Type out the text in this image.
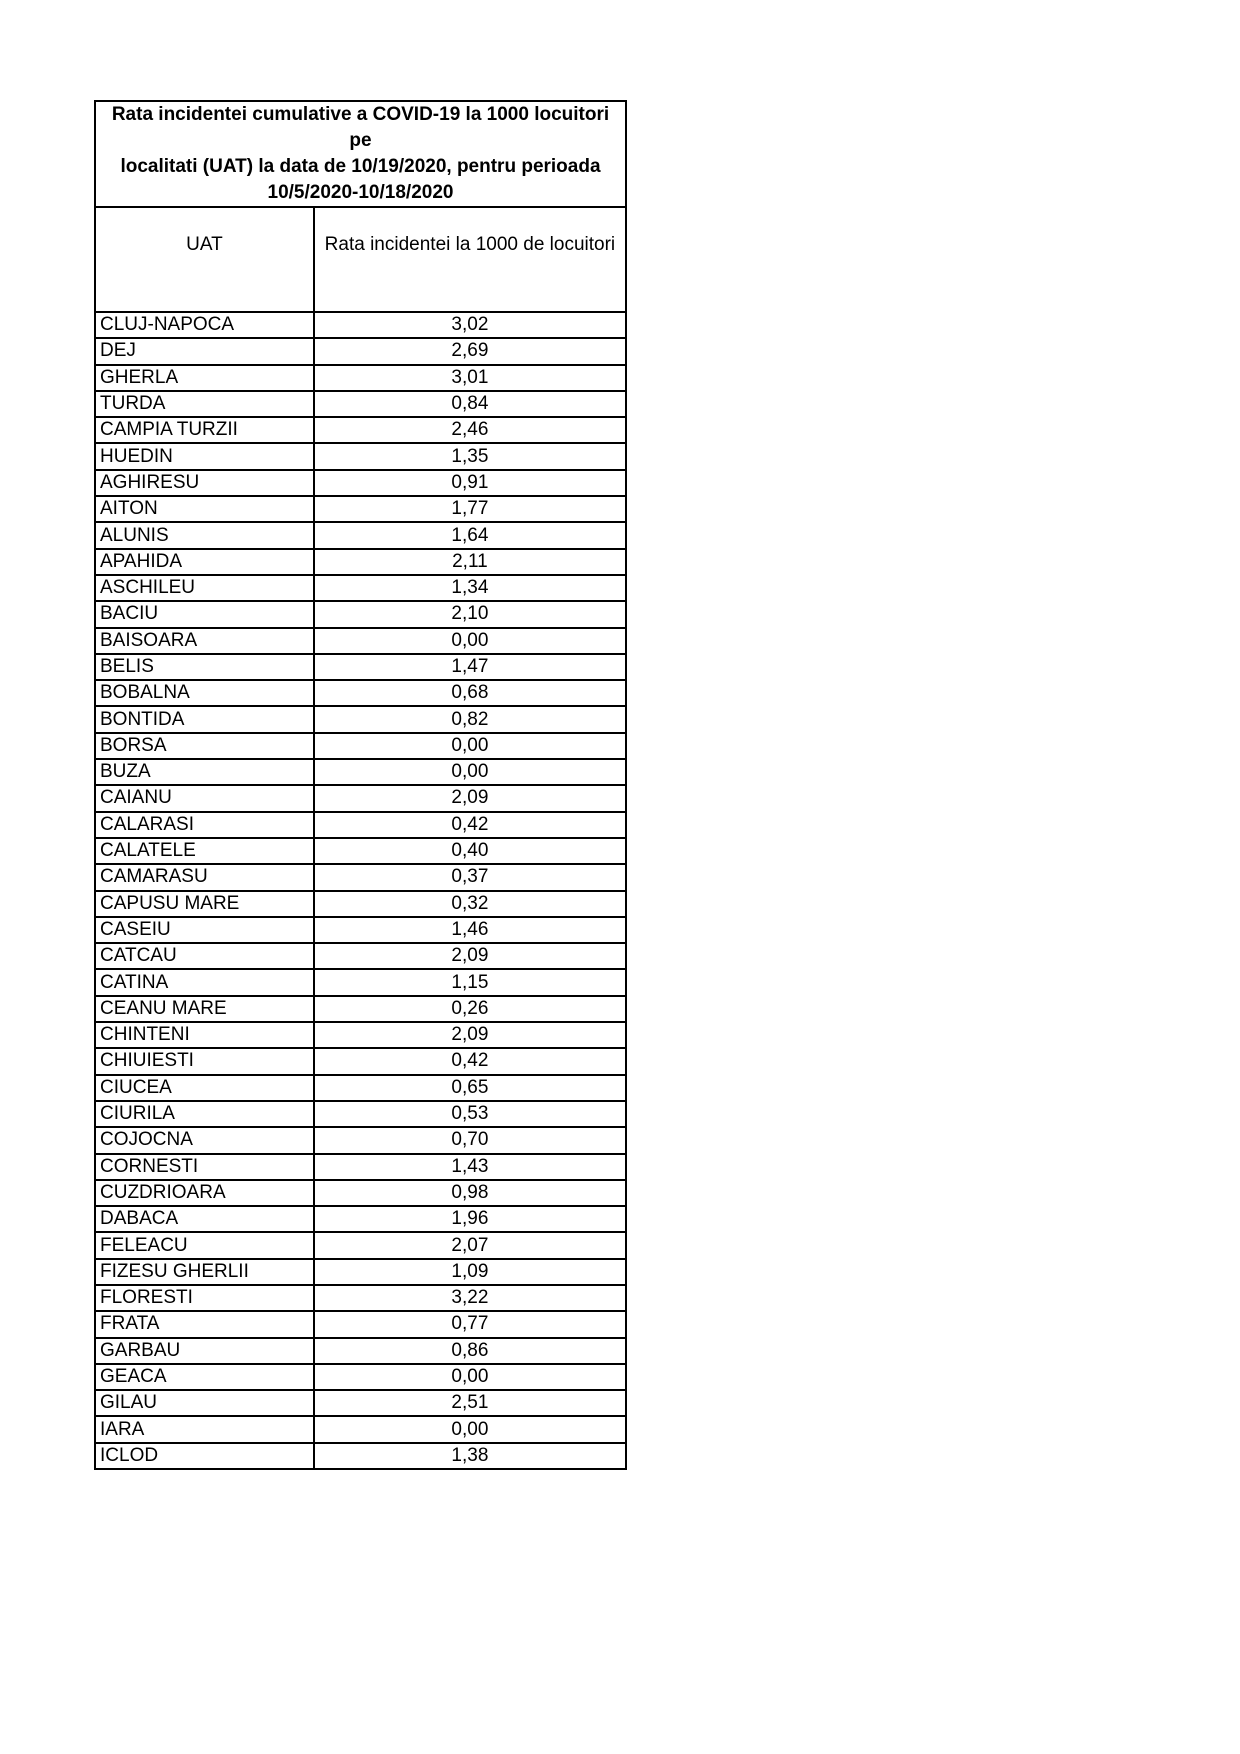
Rata incidentei cumulative a COVID-19 la 1000 locuitori pe
localitati (UAT) la data de 10/19/2020, pentru perioada
10/5/2020-10/18/2020	
UAT	Rata incidentei la 1000 de locuitori
CLUJ-NAPOCA	3,02
DEJ	2,69
GHERLA	3,01
TURDA	0,84
CAMPIA TURZII	2,46
HUEDIN	1,35
AGHIRESU	0,91
AITON	1,77
ALUNIS	1,64
APAHIDA	2,11
ASCHILEU	1,34
BACIU	2,10
BAISOARA	0,00
BELIS	1,47
BOBALNA	0,68
BONTIDA	0,82
BORSA	0,00
BUZA	0,00
CAIANU	2,09
CALARASI	0,42
CALATELE	0,40
CAMARASU	0,37
CAPUSU MARE	0,32
CASEIU	1,46
CATCAU	2,09
CATINA	1,15
CEANU MARE	0,26
CHINTENI	2,09
CHIUIESTI	0,42
CIUCEA	0,65
CIURILA	0,53
COJOCNA	0,70
CORNESTI	1,43
CUZDRIOARA	0,98
DABACA	1,96
FELEACU	2,07
FIZESU GHERLII	1,09
FLORESTI	3,22
FRATA	0,77
GARBAU	0,86
GEACA	0,00
GILAU	2,51
IARA	0,00
ICLOD	1,38
